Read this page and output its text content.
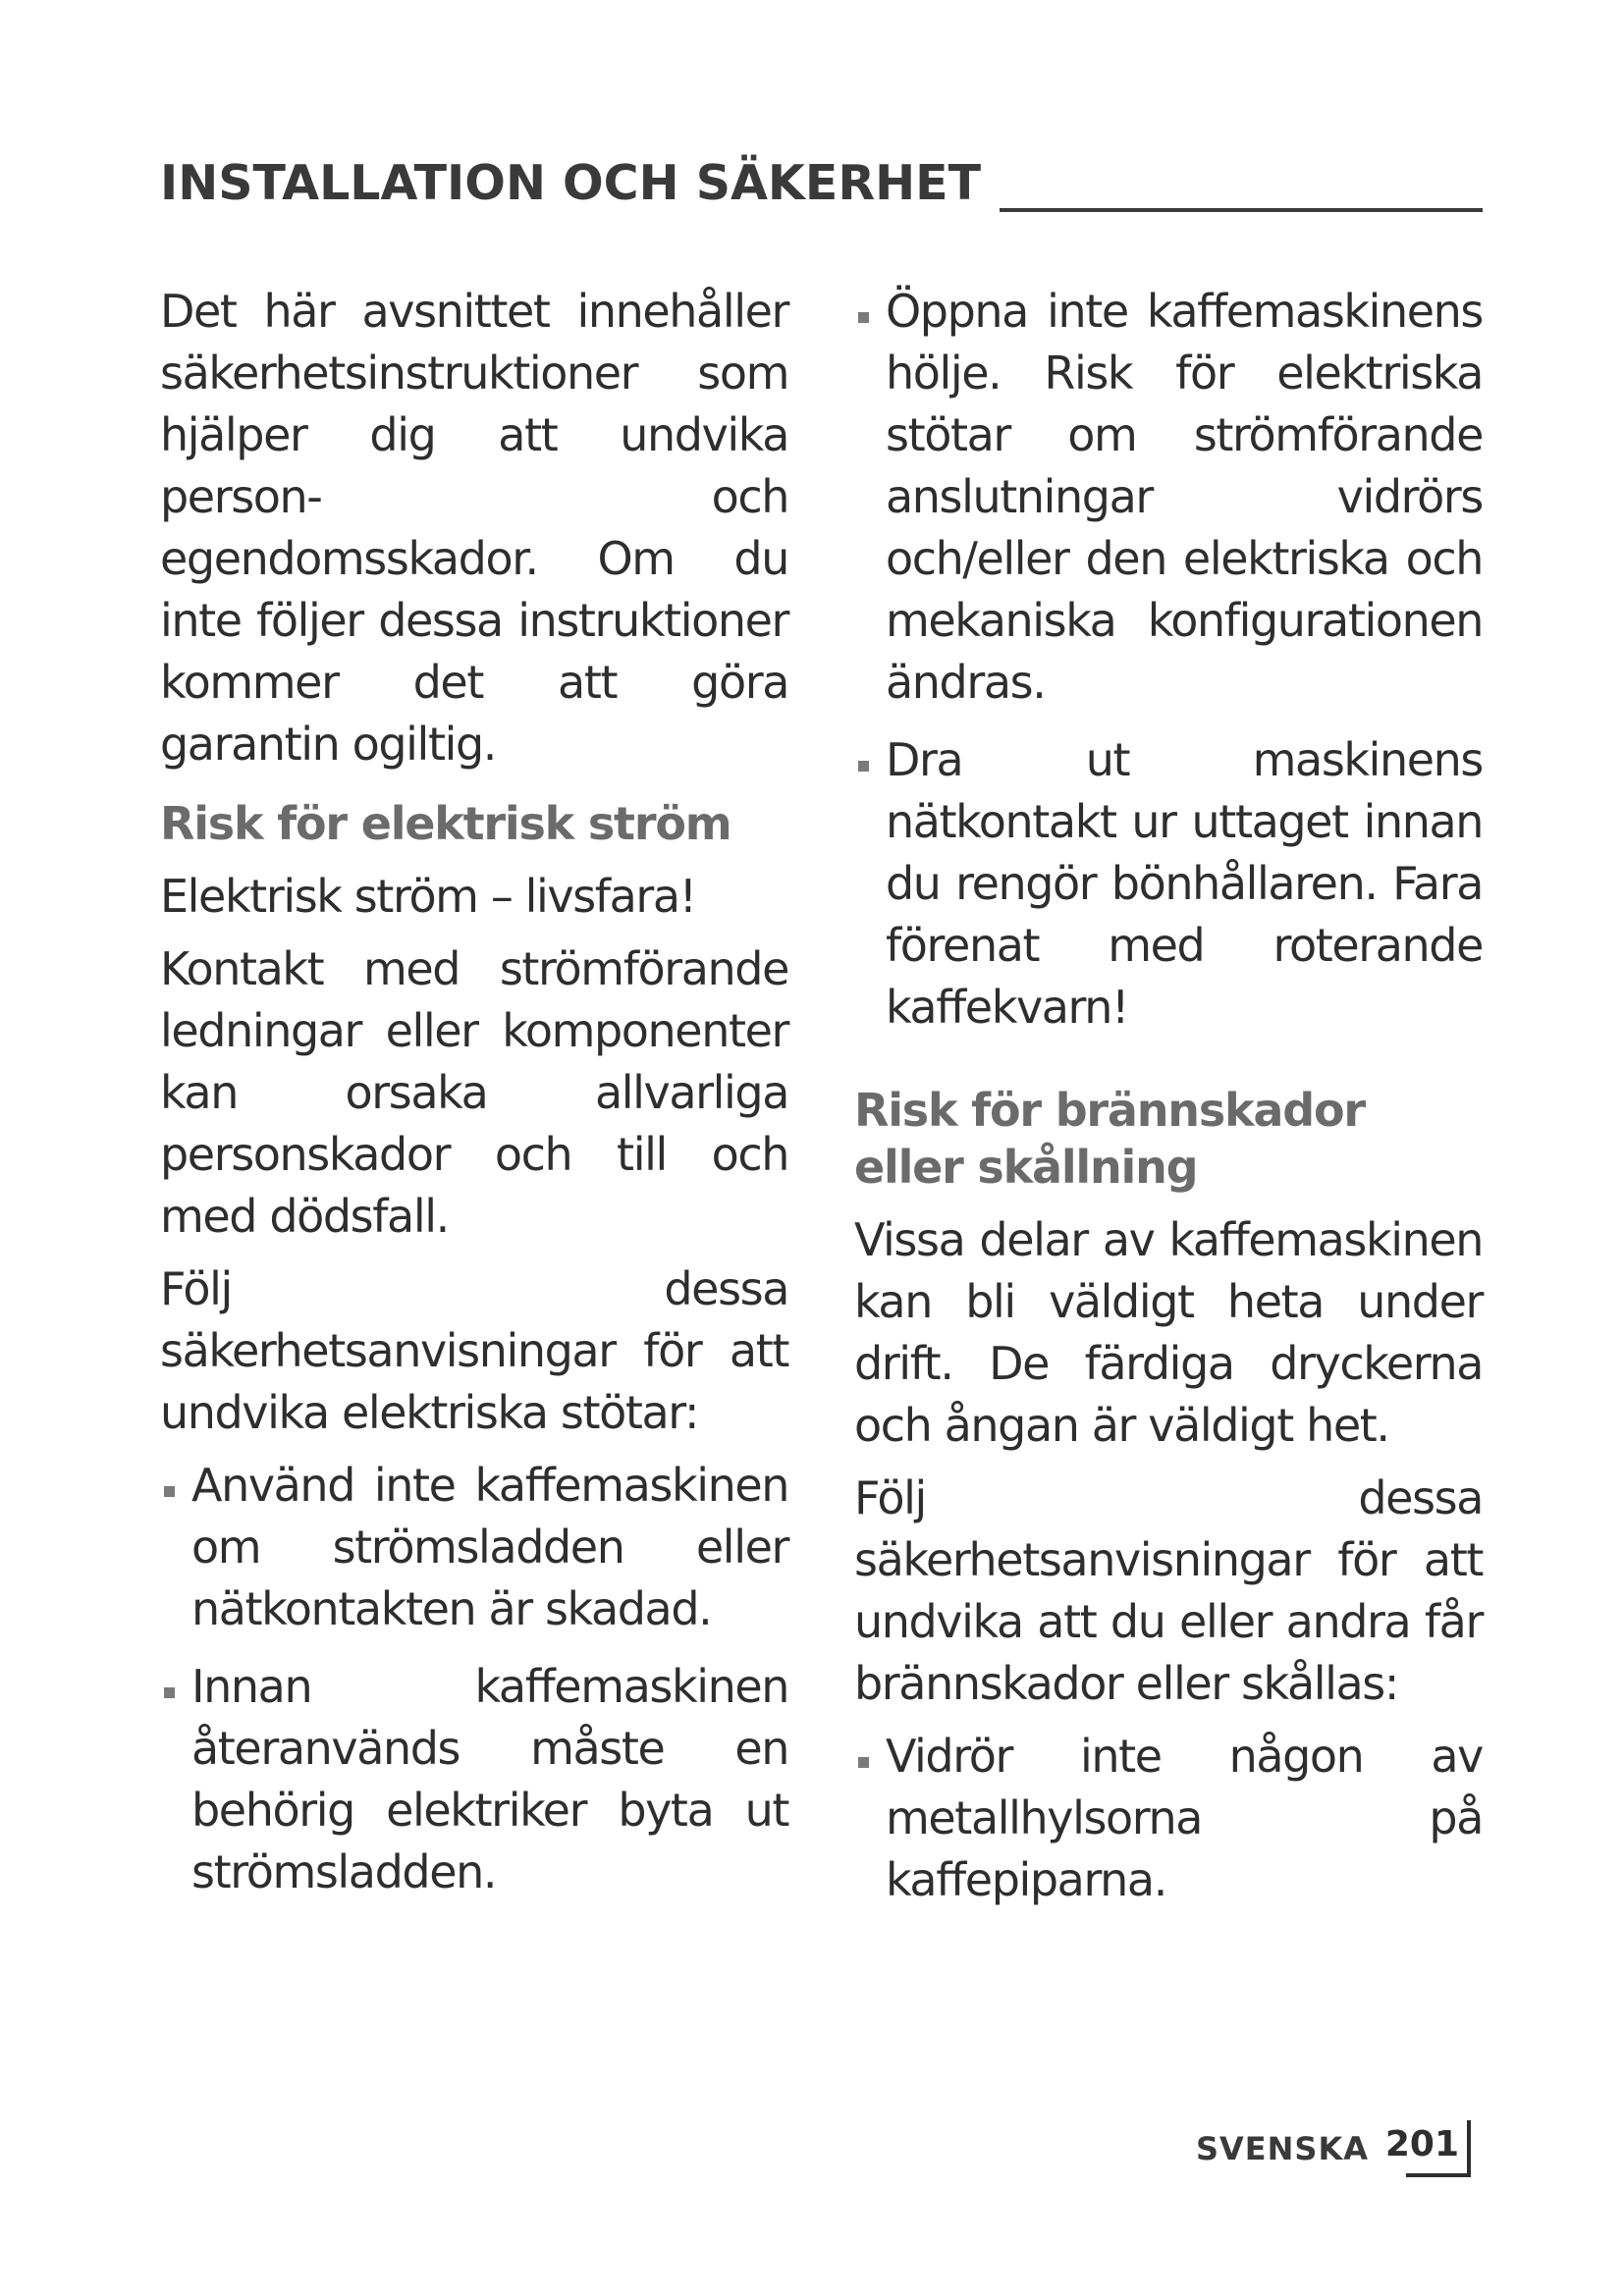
INSTALLATION OCH SÄKERHET

Det här avsnittet innehåller säkerhetsinstruktioner som hjälper dig att undvika person- och egendomsskador. Om du inte följer dessa instruktioner kommer det att göra garantin ogiltig.

Risk för elektrisk ström

Elektrisk ström – livsfara!

Kontakt med strömförande ledningar eller komponenter kan orsaka allvarliga personskador och till och med dödsfall.

Följ dessa säkerhetsanvisningar för att undvika elektriska stötar:

Använd inte kaffemaskinen om strömsladden eller nätkontakten är skadad.

Innan kaffemaskinen återanvänds måste en behörig elektriker byta ut strömsladden.

Öppna inte kaffemaskinens hölje. Risk för elektriska stötar om strömförande anslutningar vidrörs och/eller den elektriska och mekaniska konfigurationen ändras.

Dra ut maskinens nätkontakt ur uttaget innan du rengör bönhållaren. Fara förenat med roterande kaffekvarn!

Risk för brännskador eller skållning

Vissa delar av kaffemaskinen kan bli väldigt heta under drift. De färdiga dryckerna och ångan är väldigt het.

Följ dessa säkerhetsanvisningar för att undvika att du eller andra får brännskador eller skållas:

Vidrör inte någon av metallhylsorna på kaffepiparna.

SVENSKA 201
